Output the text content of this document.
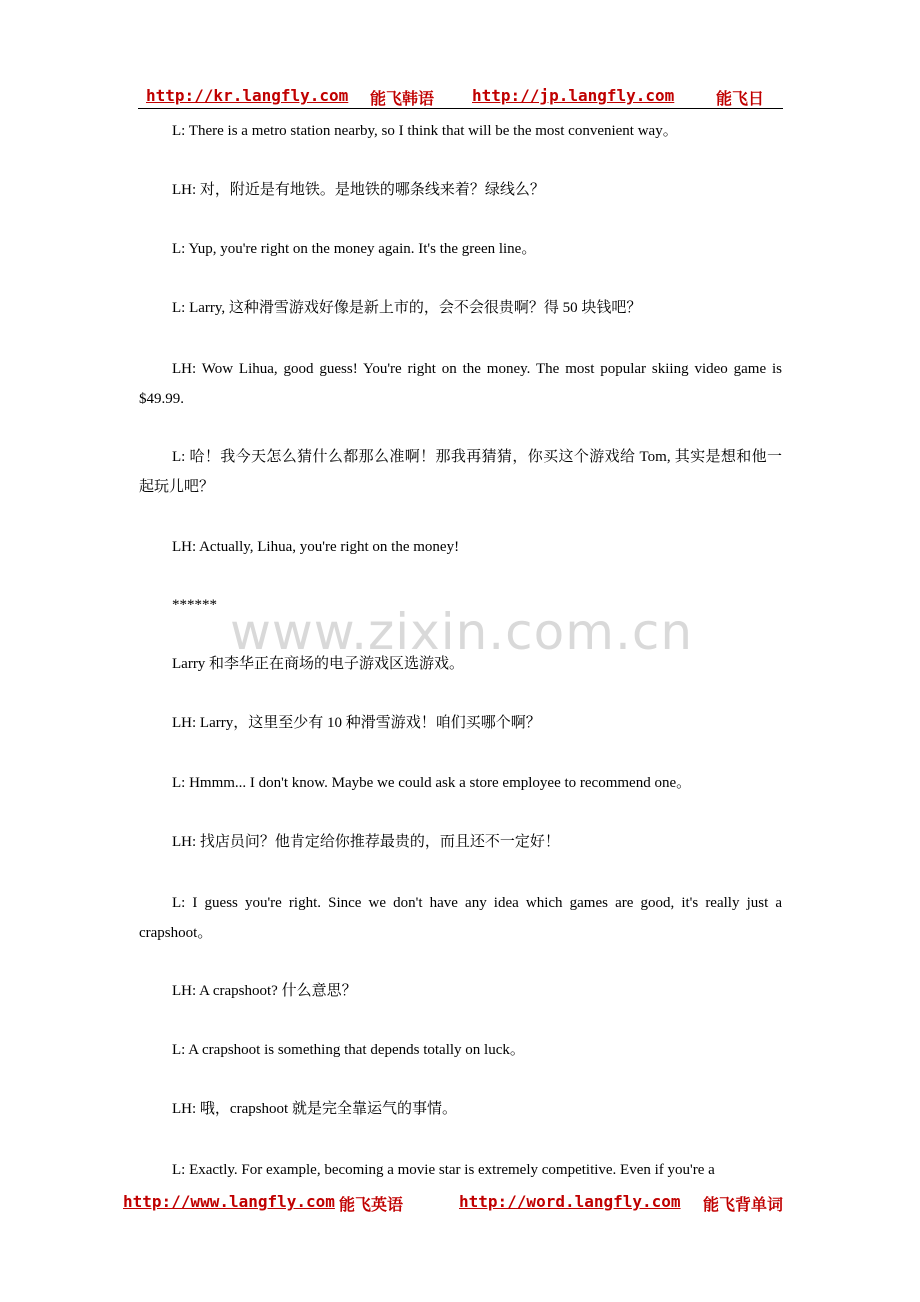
http://kr.langfly.com 能飞韩语 http://jp.langfly.com	能飞日
L: There is a metro station nearby, so I think that will be the most convenient way。
LH: 对，附近是有地铁。是地铁的哪条线来着？绿线么？
L: Yup, you're right on the money again. It's the green line。
L: Larry, 这种滑雪游戏好像是新上市的，会不会很贵啊？得 50 块钱吧？
LH: Wow Lihua, good guess! You're right on the money. The most popular skiing video game is $49.99.
L: 哈！我今天怎么猜什么都那么准啊！那我再猜猜，你买这个游戏给 Tom, 其实是想和他一起玩儿吧？
LH: Actually, Lihua, you're right on the money!
******
Larry 和李华正在商场的电子游戏区选游戏。
LH: Larry，这里至少有 10 种滑雪游戏！咱们买哪个啊？
L: Hmmm... I don't know. Maybe we could ask a store employee to recommend one。
LH: 找店员问？他肯定给你推荐最贵的，而且还不一定好！
L: I guess you're right. Since we don't have any idea which games are good, it's really just a crapshoot。
LH: A crapshoot? 什么意思？
L: A crapshoot is something that depends totally on luck。
LH: 哦，crapshoot 就是完全靠运气的事情。
L: Exactly. For example, becoming a movie star is extremely competitive. Even if you're a
www.zixin.com.cn
http://www.langfly.com 能飞英语	http://word.langfly.com 能飞背单词
